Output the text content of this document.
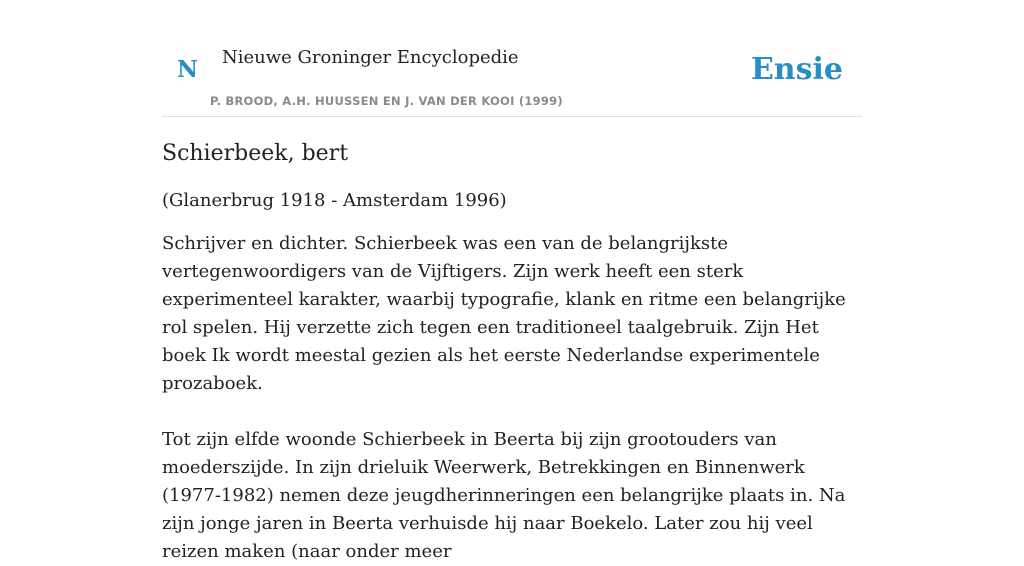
N Nieuwe Groninger Encyclopedie
P. BROOD, A.H. HUUSSEN EN J. VAN DER KOOI (1999)
Ensie
Schierbeek, bert

(Glanerbrug 1918 - Amsterdam 1996)

Schrijver en dichter. Schierbeek was een van de belangrijkste vertegenwoordigers van de Vijftigers. Zijn werk heeft een sterk experimenteel karakter, waarbij typografie, klank en ritme een belangrijke rol spelen. Hij verzette zich tegen een traditioneel taalgebruik. Zijn Het boek Ik wordt meestal gezien als het eerste Nederlandse experimentele prozaboek.

Tot zijn elfde woonde Schierbeek in Beerta bij zijn grootouders van moederszijde. In zijn drieluik Weerwerk, Betrekkingen en Binnenwerk (1977-1982) nemen deze jeugdherinneringen een belangrijke plaats in. Na zijn jonge jaren in Beerta verhuisde hij naar Boekelo. Later zou hij veel reizen maken (naar onder meer
